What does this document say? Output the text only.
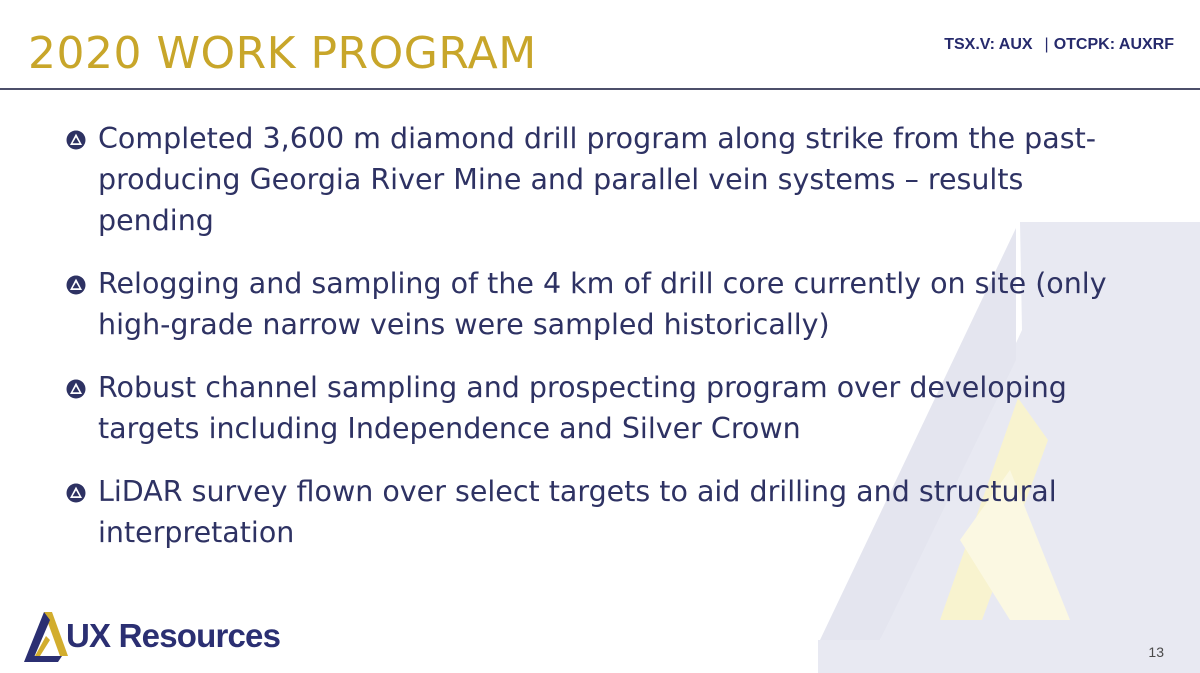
2020 WORK PROGRAM	TSX.V: AUX | OTCPK: AUXRF
Completed 3,600 m diamond drill program along strike from the past-producing Georgia River Mine and parallel vein systems – results pending
Relogging and sampling of the 4 km of drill core currently on site (only high-grade narrow veins were sampled historically)
Robust channel sampling and prospecting program over developing targets including Independence and Silver Crown
LiDAR survey flown over select targets to aid drilling and structural interpretation
UX Resources	13
